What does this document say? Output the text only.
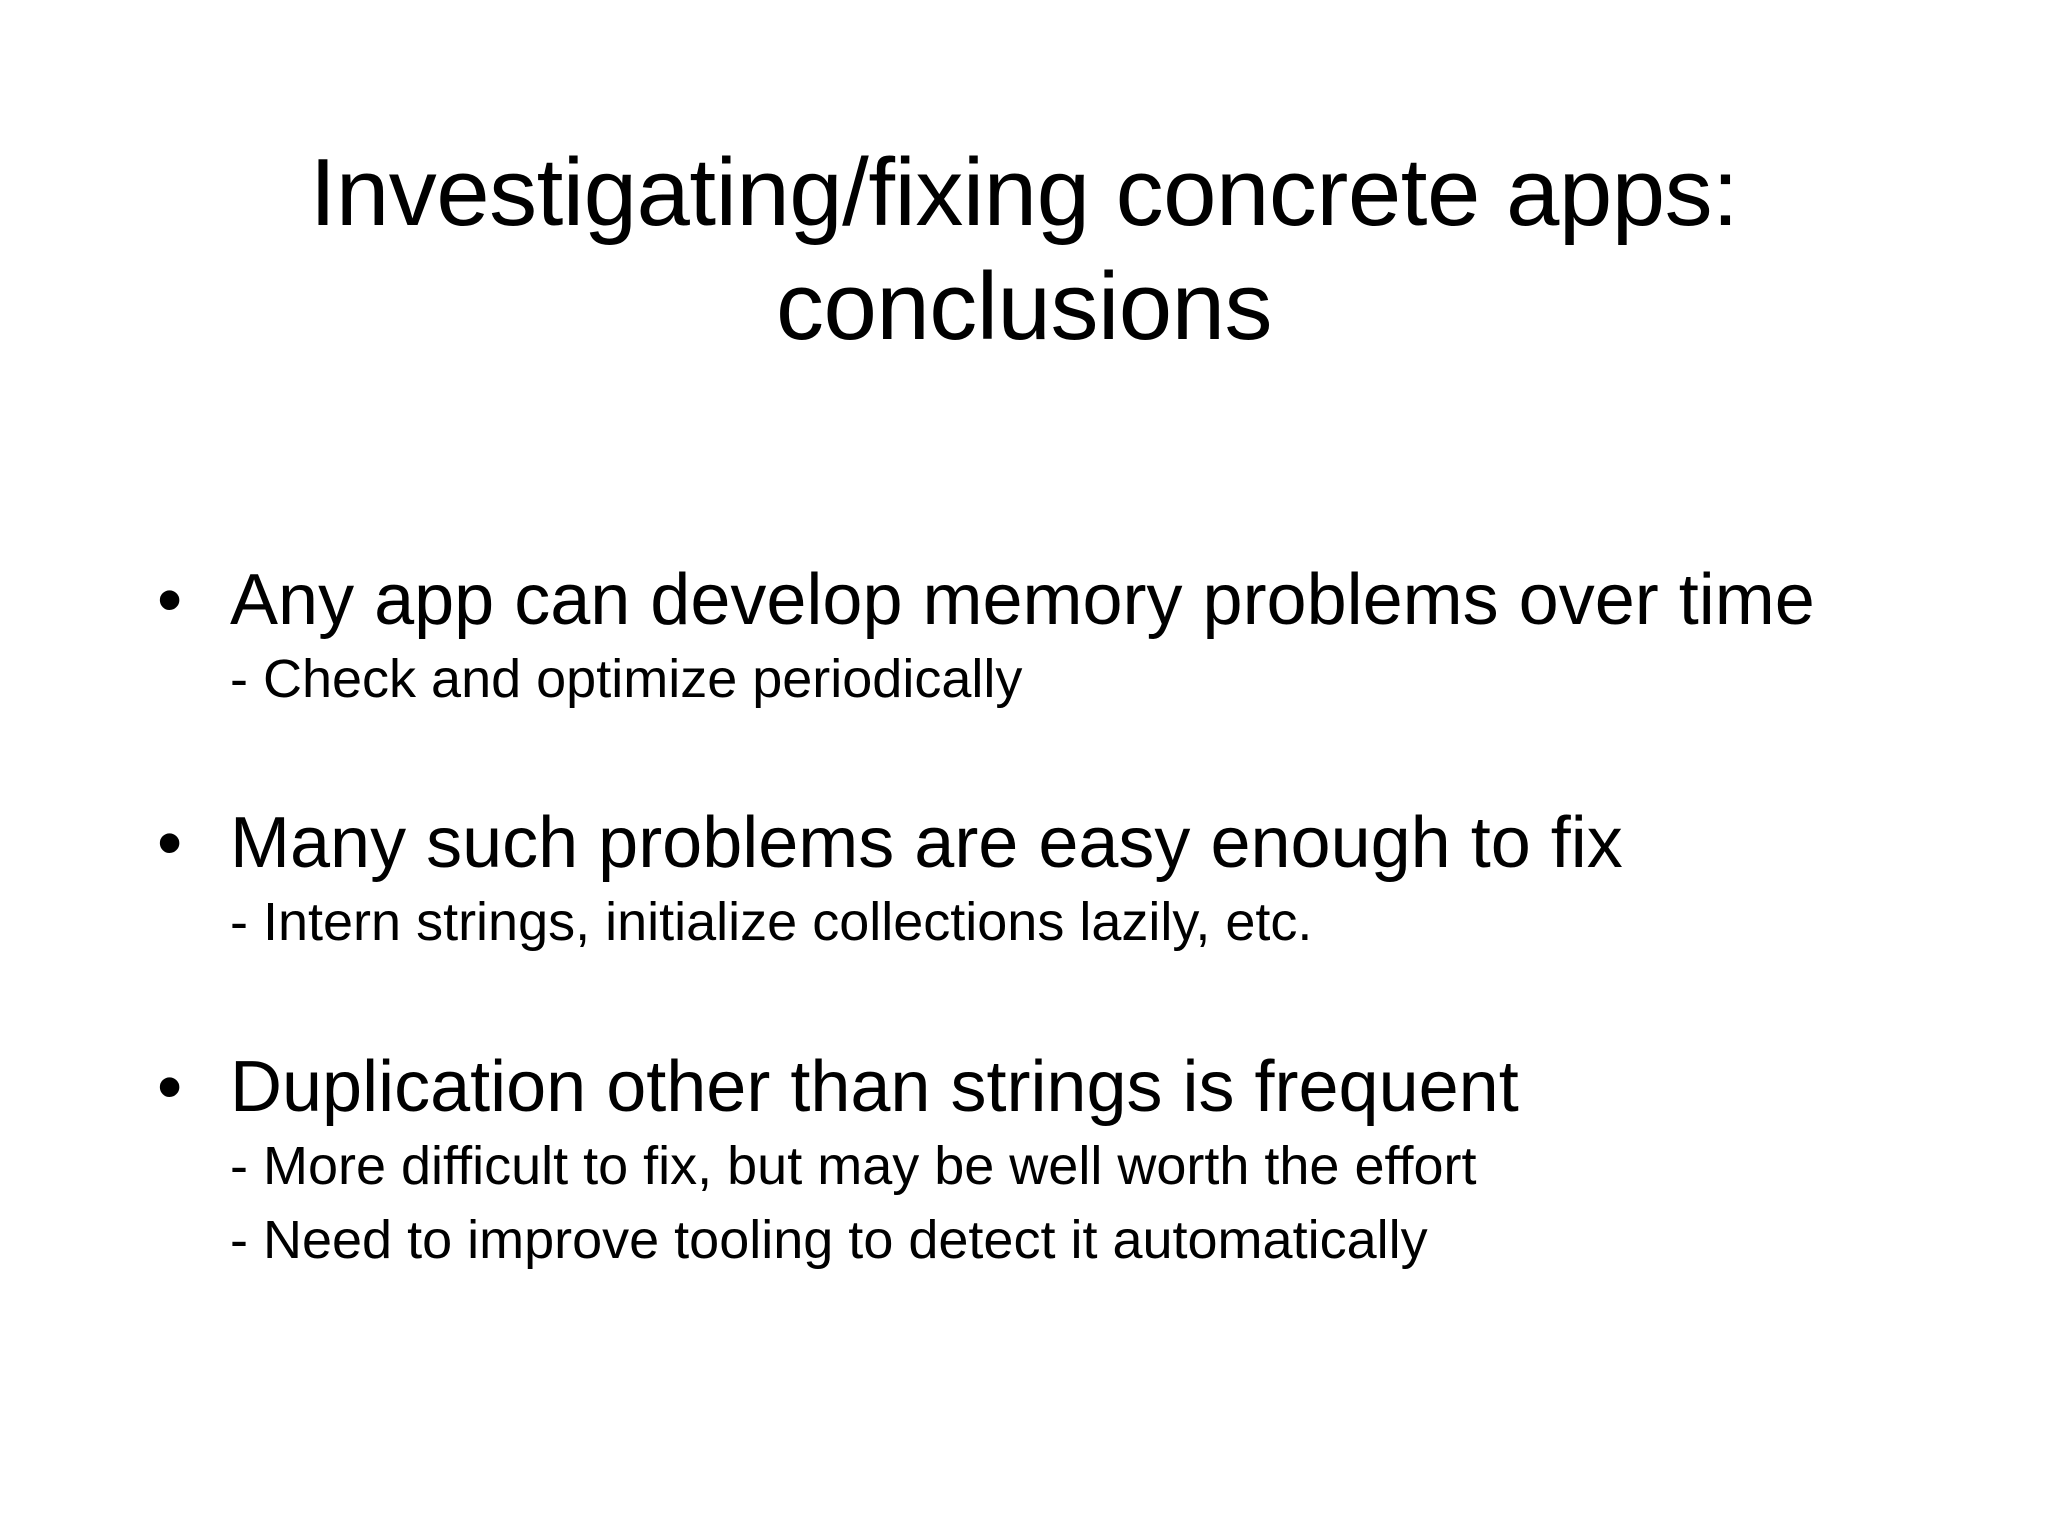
Investigating/fixing concrete apps:
conclusions
• Any app can develop memory problems over time
- Check and optimize periodically
• Many such problems are easy enough to fix
- Intern strings, initialize collections lazily, etc.
• Duplication other than strings is frequent
- More difficult to fix, but may be well worth the effort
- Need to improve tooling to detect it automatically
